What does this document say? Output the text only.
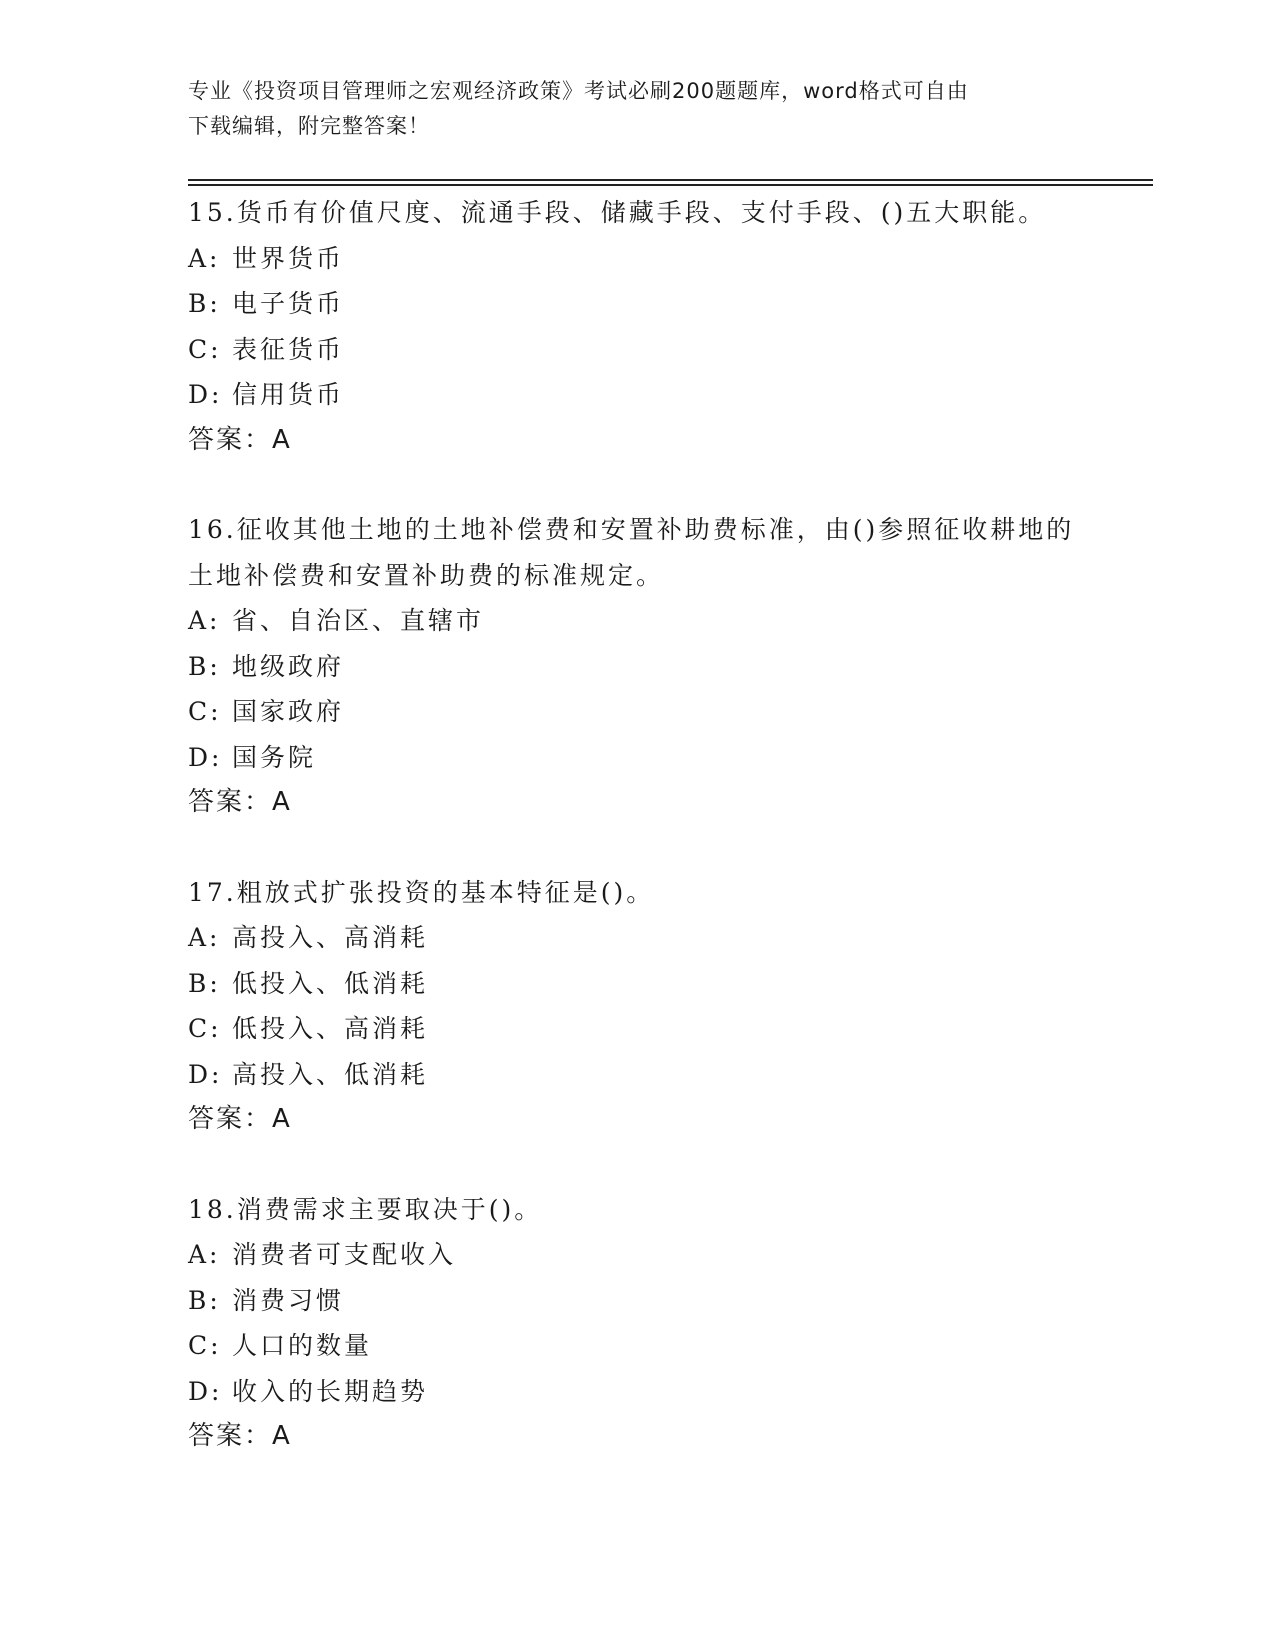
专业《投资项目管理师之宏观经济政策》考试必刷200题题库，word格式可自由
下载编辑，附完整答案！
15.货币有价值尺度、流通手段、储藏手段、支付手段、()五大职能。
A: 世界货币
B: 电子货币
C: 表征货币
D: 信用货币
答案：A
16.征收其他土地的土地补偿费和安置补助费标准，由()参照征收耕地的土地补偿费和安置补助费的标准规定。
A: 省、自治区、直辖市
B: 地级政府
C: 国家政府
D: 国务院
答案：A
17.粗放式扩张投资的基本特征是()。
A: 高投入、高消耗
B: 低投入、低消耗
C: 低投入、高消耗
D: 高投入、低消耗
答案：A
18.消费需求主要取决于()。
A: 消费者可支配收入
B: 消费习惯
C: 人口的数量
D: 收入的长期趋势
答案：A
